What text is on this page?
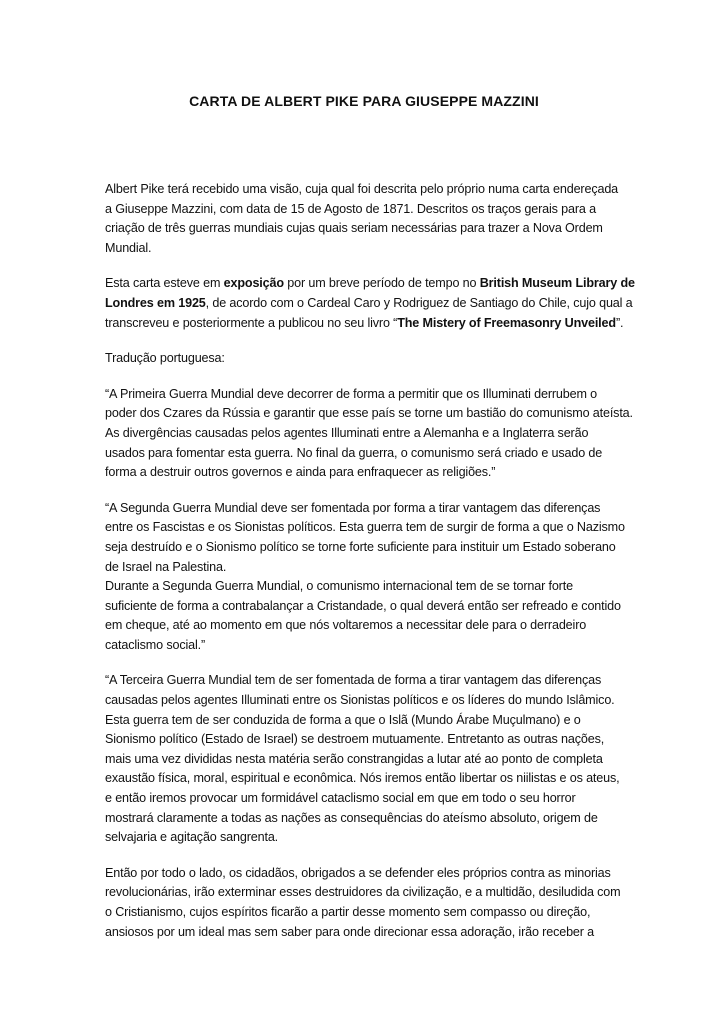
CARTA DE ALBERT PIKE PARA GIUSEPPE MAZZINI

Albert Pike terá recebido uma visão, cuja qual foi descrita pelo próprio numa carta endereçada
a Giuseppe Mazzini, com data de 15 de Agosto de 1871. Descritos os traços gerais para a
criação de três guerras mundiais cujas quais seriam necessárias para trazer a Nova Ordem
Mundial.

Esta carta esteve em exposição por um breve período de tempo no British Museum Library de
Londres em 1925, de acordo com o Cardeal Caro y Rodriguez de Santiago do Chile, cujo qual a
transcreveu e posteriormente a publicou no seu livro “The Mistery of Freemasonry Unveiled”.

Tradução portuguesa:

“A Primeira Guerra Mundial deve decorrer de forma a permitir que os Illuminati derrubem o
poder dos Czares da Rússia e garantir que esse país se torne um bastião do comunismo ateísta.
As divergências causadas pelos agentes Illuminati entre a Alemanha e a Inglaterra serão
usados para fomentar esta guerra. No final da guerra, o comunismo será criado e usado de
forma a destruir outros governos e ainda para enfraquecer as religiões.”

“A Segunda Guerra Mundial deve ser fomentada por forma a tirar vantagem das diferenças
entre os Fascistas e os Sionistas políticos. Esta guerra tem de surgir de forma a que o Nazismo
seja destruído e o Sionismo político se torne forte suficiente para instituir um Estado soberano
de Israel na Palestina.
Durante a Segunda Guerra Mundial, o comunismo internacional tem de se tornar forte
suficiente de forma a contrabalançar a Cristandade, o qual deverá então ser refreado e contido
em cheque, até ao momento em que nós voltaremos a necessitar dele para o derradeiro
cataclismo social.”

“A Terceira Guerra Mundial tem de ser fomentada de forma a tirar vantagem das diferenças
causadas pelos agentes Illuminati entre os Sionistas políticos e os líderes do mundo Islâmico.
Esta guerra tem de ser conduzida de forma a que o Islã (Mundo Árabe Muçulmano) e o
Sionismo político (Estado de Israel) se destroem mutuamente. Entretanto as outras nações,
mais uma vez divididas nesta matéria serão constrangidas a lutar até ao ponto de completa
exaustão física, moral, espiritual e econômica. Nós iremos então libertar os niilistas e os ateus,
e então iremos provocar um formidável cataclismo social em que em todo o seu horror
mostrará claramente a todas as nações as consequências do ateísmo absoluto, origem de
selvajaria e agitação sangrenta.

Então por todo o lado, os cidadãos, obrigados a se defender eles próprios contra as minorias
revolucionárias, irão exterminar esses destruidores da civilização, e a multidão, desiludida com
o Cristianismo, cujos espíritos ficarão a partir desse momento sem compasso ou direção,
ansiosos por um ideal mas sem saber para onde direcionar essa adoração, irão receber a
